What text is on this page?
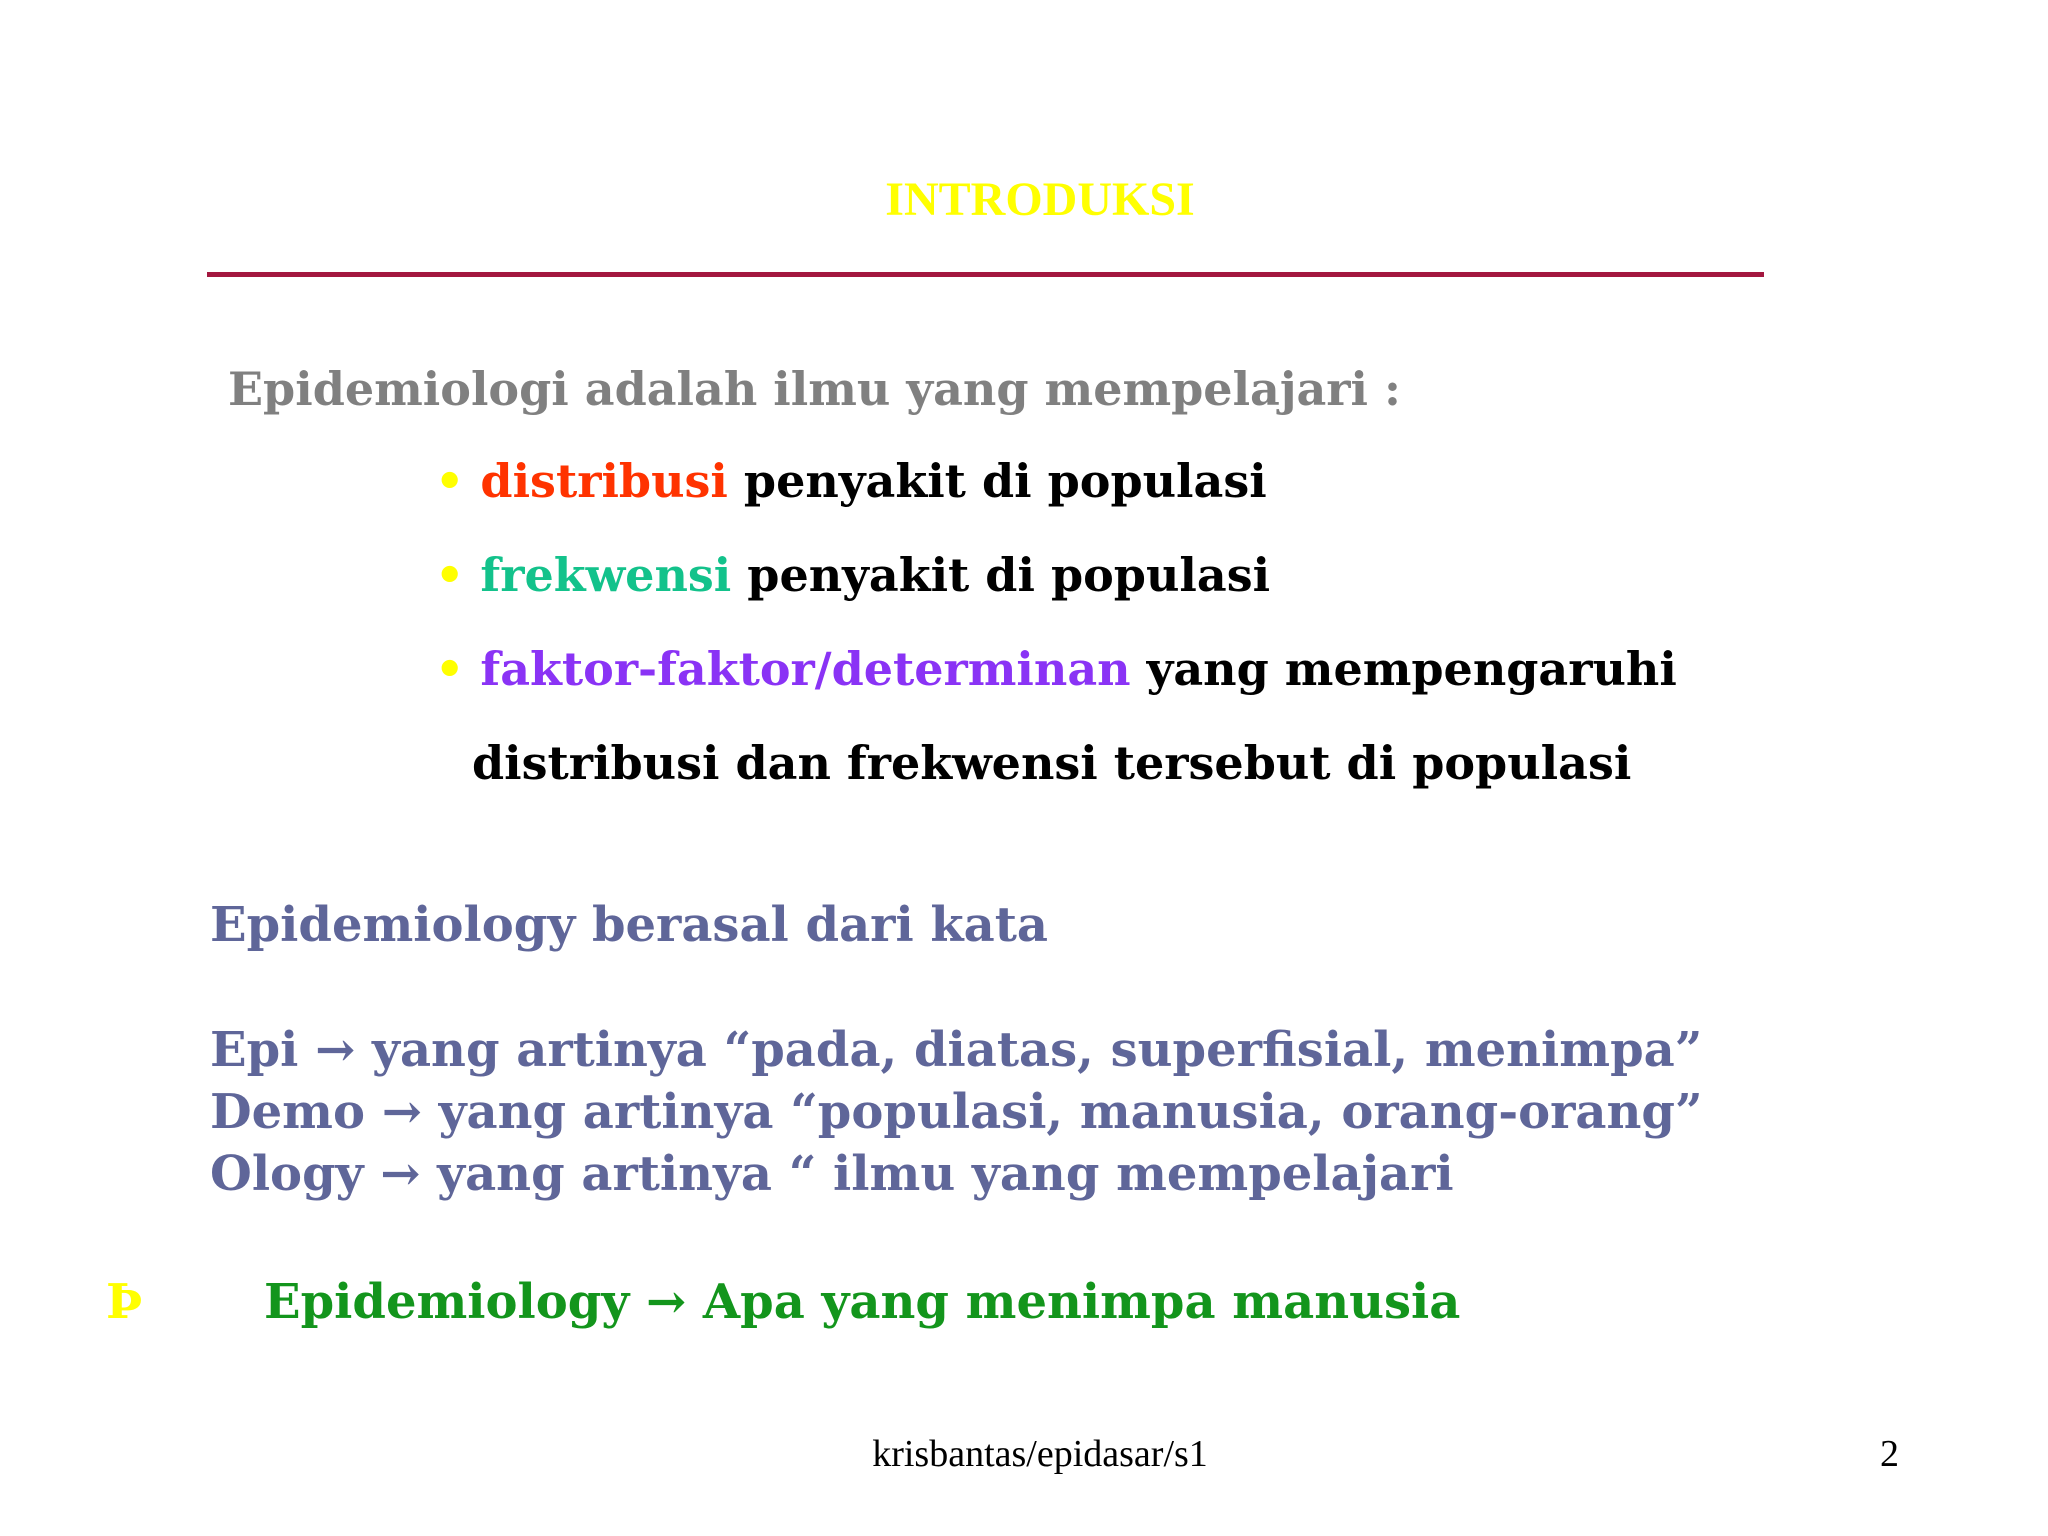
INTRODUKSI
Epidemiologi adalah ilmu yang mempelajari :
• distribusi penyakit di populasi
• frekwensi penyakit di populasi
• faktor-faktor/determinan yang mempengaruhi
distribusi dan frekwensi tersebut di populasi
Epidemiology berasal dari kata
Epi → yang artinya “pada, diatas, superfisial, menimpa”
Demo → yang artinya “populasi, manusia, orang-orang”
Ology → yang artinya “ ilmu yang mempelajari
Þ	Epidemiology → Apa yang menimpa manusia
krisbantas/epidasar/s1	2
